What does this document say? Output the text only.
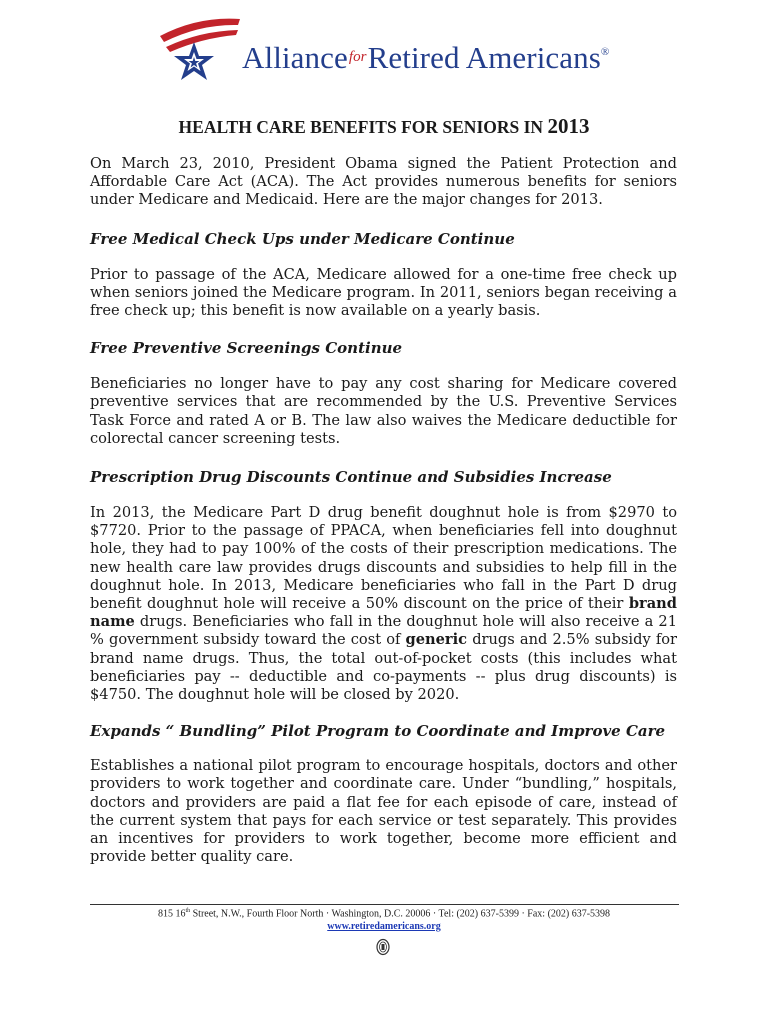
Alliance$^{for}$Retired Americans®
HEALTH CARE BENEFITS FOR SENIORS IN 2013

On March 23, 2010, President Obama signed the Patient Protection and Affordable Care Act (ACA). The Act provides numerous benefits for seniors under Medicare and Medicaid. Here are the major changes for 2013.

Free Medical Check Ups under Medicare Continue

Prior to passage of the ACA, Medicare allowed for a one-time free check up when seniors joined the Medicare program. In 2011, seniors began receiving a free check up; this benefit is now available on a yearly basis.

Free Preventive Screenings Continue

Beneficiaries no longer have to pay any cost sharing for Medicare covered preventive services that are recommended by the U.S. Preventive Services Task Force and rated A or B. The law also waives the Medicare deductible for colorectal cancer screening tests.

Prescription Drug Discounts Continue and Subsidies Increase

In 2013, the Medicare Part D drug benefit doughnut hole is from $2970 to $7720. Prior to the passage of PPACA, when beneficiaries fell into doughnut hole, they had to pay 100% of the costs of their prescription medications. The new health care law provides drugs discounts and subsidies to help fill in the doughnut hole. In 2013, Medicare beneficiaries who fall in the Part D drug benefit doughnut hole will receive a 50% discount on the price of their brand name drugs. Beneficiaries who fall in the doughnut hole will also receive a 21 % government subsidy toward the cost of generic drugs and 2.5% subsidy for brand name drugs. Thus, the total out-of-pocket costs (this includes what beneficiaries pay -- deductible and co-payments -- plus drug discounts) is $4750. The doughnut hole will be closed by 2020.

Expands “ Bundling” Pilot Program to Coordinate and Improve Care

Establishes a national pilot program to encourage hospitals, doctors and other providers to work together and coordinate care. Under “bundling,” hospitals, doctors and providers are paid a flat fee for each episode of care, instead of the current system that pays for each service or test separately. This provides an incentives for providers to work together, become more efficient and provide better quality care.

815 16th Street, N.W., Fourth Floor North · Washington, D.C. 20006 · Tel: (202) 637-5399 · Fax: (202) 637-5398
www.retiredamericans.org
